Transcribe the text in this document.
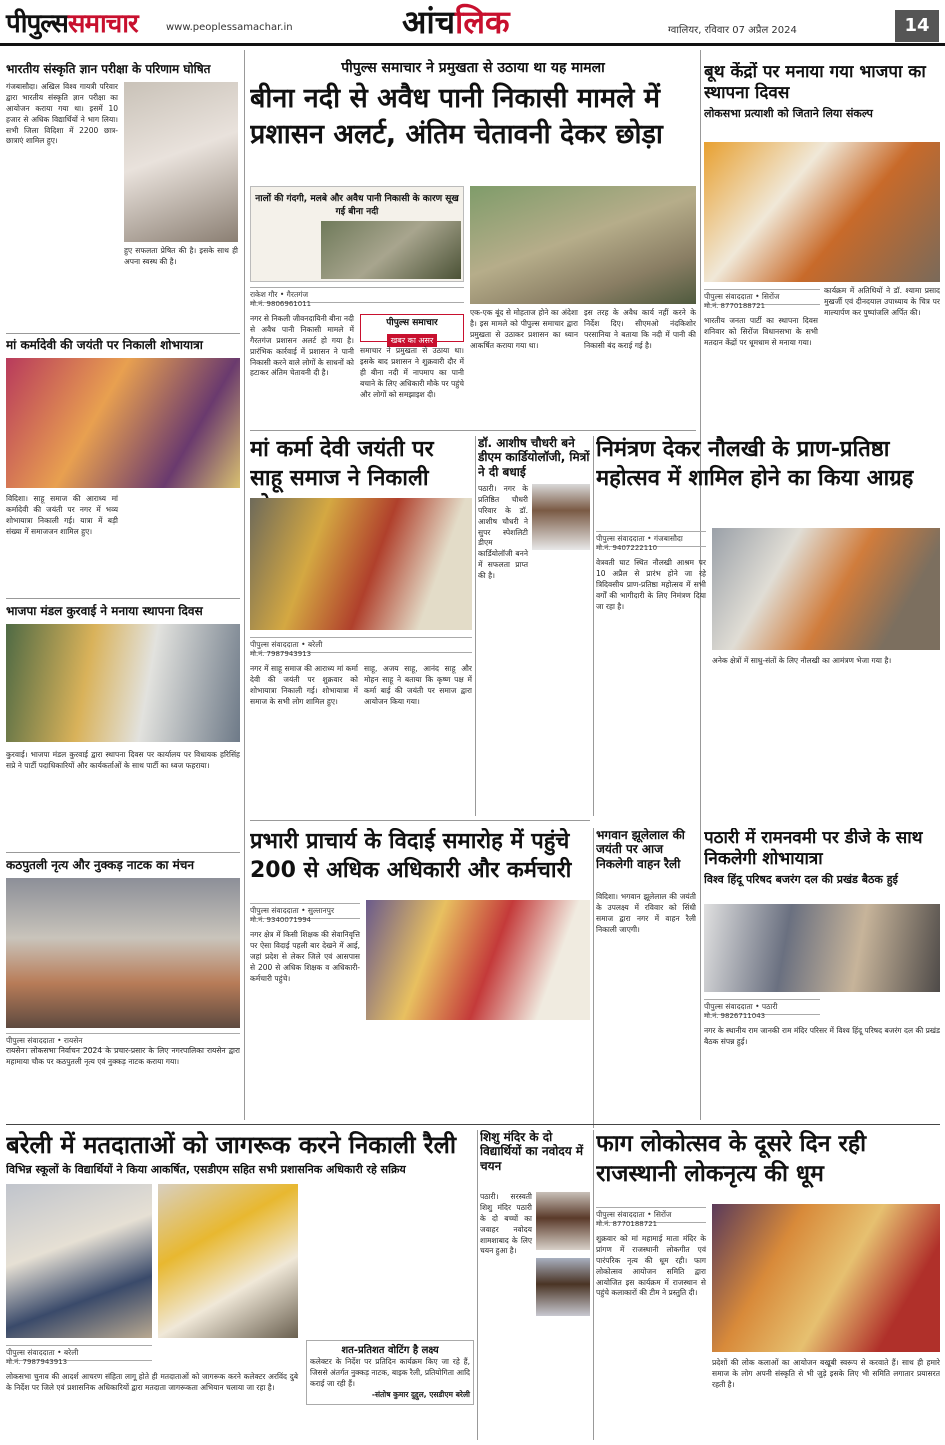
पीपुल्ससमाचार	www.peoplessamachar.in	आंचलिक	ग्वालियर, रविवार 07 अप्रैल 2024	14
भारतीय संस्कृति ज्ञान परीक्षा के परिणाम घोषित
गंजबासौदा। अखिल विश्व गायत्री परिवार द्वारा भारतीय संस्कृति ज्ञान परीक्षा का आयोजन कराया गया था। इसमें 10 हजार से अधिक विद्यार्थियों ने भाग लिया। सभी जिला विदिशा में 2200 छात्र-छात्राएं शामिल हुए।
हुए सफलता प्रेषित की है। इसके साथ ही अपना स्वस्थ की है।
मां कर्मादेवी की जयंती पर निकाली शोभायात्रा
विदिशा। साहू समाज की आराध्य मां कर्मादेवी की जयंती पर नगर में भव्य शोभायात्रा निकाली गई। यात्रा में बड़ी संख्या में समाजजन शामिल हुए।
भाजपा मंडल कुरवाई ने मनाया स्थापना दिवस
कुरवाई। भाजपा मंडल कुरवाई द्वारा स्थापना दिवस पर कार्यालय पर विधायक हरिसिंह सप्रे ने पार्टी पदाधिकारियों और कार्यकर्ताओं के साथ पार्टी का ध्वज फहराया।
कठपुतली नृत्य और नुक्कड़ नाटक का मंचन
पीपुल्स संवाददाता • रायसेन
रायसेन। लोकसभा निर्वाचन 2024 के प्रचार-प्रसार के लिए नगरपालिका रायसेन द्वारा महामाया चौक पर कठपुतली नृत्य एवं नुक्कड़ नाटक कराया गया।
पीपुल्स समाचार ने प्रमुखता से उठाया था यह मामला
बीना नदी से अवैध पानी निकासी मामले में प्रशासन अलर्ट, अंतिम चेतावनी देकर छोड़ा
नालों की गंदगी, मलबे और अवैध पानी निकासी के कारण सूख गई बीना नदी
राकेश गौर • गैरतगंज
मो.नं. 9806961011
नगर से निकली जीवनदायिनी बीना नदी से अवैध पानी निकासी मामले में गैरतगंज प्रशासन अलर्ट हो गया है। प्रारंभिक कार्रवाई में प्रशासन ने पानी निकासी करने वाले लोगों के साधनों को हटाकर अंतिम चेतावनी दी है।
पीपुल्स समाचार
खबर का असर
समाचार ने प्रमुखता से उठाया था। इसके बाद प्रशासन ने शुक्रवारी दौर में ही बीना नदी में नापमाप का पानी बचाने के लिए अधिकारी मौके पर पहुंचे और लोगों को समझाइश दी।
एक-एक बूंद से मोहताज होने का अंदेशा है। इस मामले को पीपुल्स समाचार द्वारा प्रमुखता से उठाकर प्रशासन का ध्यान आकर्षित कराया गया था।
इस तरह के अवैध कार्य नहीं करने के निर्देश दिए। सीएमओ नंदकिशोर परसानिया ने बताया कि नदी में पानी की निकासी बंद कराई गई है।
मां कर्मा देवी जयंती पर साहू समाज ने निकाली
पीपुल्स संवाददाता • बरेली
मो.नं. 7987943913
नगर में साहू समाज की आराध्य मां कर्मा देवी की जयंती पर शुक्रवार को शोभायात्रा निकाली गई। शोभायात्रा में समाज के सभी लोग शामिल हुए।
साहू, अजय साहू, आनंद साहू और मोहन साहू ने बताया कि कृष्ण पक्ष में कर्मा बाई की जयंती पर समाज द्वारा आयोजन किया गया।
डॉ. आशीष चौधरी बने डीएम कार्डियोलॉजी, मित्रों ने दी बधाई
पठारी। नगर के प्रतिष्ठित चौधरी परिवार के डॉ. आशीष चौधरी ने सुपर स्पेशलिटी डीएम कार्डियोलॉजी बनने में सफलता प्राप्त की है।
निमंत्रण देकर नौलखी के प्राण-प्रतिष्ठा महोत्सव में शामिल होने का किया आग्रह
पीपुल्स संवाददाता • गंजबासौदा
मो.नं. 9407222110
वेत्रवती घाट स्थित नौलखी आश्रम पर 10 अप्रैल से प्रारंभ होने जा रहे त्रिदिवसीय प्राण-प्रतिष्ठा महोत्सव में सभी वर्गों की भागीदारी के लिए निमंत्रण दिया जा रहा है।
अनेक क्षेत्रों में साधु-संतों के लिए नौलखी का आमंत्रण भेजा गया है।
प्रभारी प्राचार्य के विदाई समारोह में पहुंचे 200 से अधिक अधिकारी और कर्मचारी
पीपुल्स संवाददाता • सुल्तानपुर
मो.नं. 9340071994
नगर क्षेत्र में किसी शिक्षक की सेवानिवृत्ति पर ऐसा विदाई पहली बार देखने में आई, जहां प्रदेश से लेकर जिले एवं आसपास से 200 से अधिक शिक्षक व अधिकारी-कर्मचारी पहुंचे।
भगवान झूलेलाल की जयंती पर आज निकलेगी वाहन रैली
विदिशा। भगवान झूलेलाल की जयंती के उपलक्ष्य में रविवार को सिंधी समाज द्वारा नगर में वाहन रैली निकाली जाएगी।
पठारी में रामनवमी पर डीजे के साथ निकलेगी शोभायात्रा
विश्व हिंदू परिषद बजरंग दल की प्रखंड बैठक हुई
पीपुल्स संवाददाता • पठारी
मो.नं. 9826711043
नगर के स्थानीय राम जानकी राम मंदिर परिसर में विश्व हिंदू परिषद बजरंग दल की प्रखंड बैठक संपन्न हुई।
बूथ केंद्रों पर मनाया गया भाजपा का स्थापना दिवस
लोकसभा प्रत्याशी को जिताने लिया संकल्प
पीपुल्स संवाददाता • सिरोंज
मो.नं. 8770188721
भारतीय जनता पार्टी का स्थापना दिवस शनिवार को सिरोंज विधानसभा के सभी मतदान केंद्रों पर धूमधाम से मनाया गया।
कार्यक्रम में अतिथियों ने डॉ. श्यामा प्रसाद मुखर्जी एवं दीनदयाल उपाध्याय के चित्र पर माल्यार्पण कर पुष्पांजलि अर्पित की।
बरेली में मतदाताओं को जागरूक करने निकाली रैली
विभिन्न स्कूलों के विद्यार्थियों ने किया आकर्षित, एसडीएम सहित सभी प्रशासनिक अधिकारी रहे सक्रिय
पीपुल्स संवाददाता • बरेली
मो.नं. 7987943913
लोकसभा चुनाव की आदर्श आचरण संहिता लागू होते ही मतदाताओं को जागरूक करने कलेक्टर अरविंद दुबे के निर्देश पर जिले एवं प्रशासनिक अधिकारियों द्वारा मतदाता जागरूकता अभियान चलाया जा रहा है।
शत-प्रतिशत वोटिंग है लक्ष्य
कलेक्टर के निर्देश पर प्रतिदिन कार्यक्रम किए जा रहे हैं, जिससे अंतर्गत नुक्कड़ नाटक, बाइक रैली, प्रतियोगिता आदि कराई जा रही हैं।
-संतोष कुमार दुद्दुल, एसडीएम बरेली
शिशु मंदिर के दो विद्यार्थियों का नवोदय में चयन
पठारी। सरस्वती शिशु मंदिर पठारी के दो बच्चों का जवाहर नवोदय शामशाबाद के लिए चयन हुआ है।
फाग लोकोत्सव के दूसरे दिन रही राजस्थानी लोकनृत्य की धूम
पीपुल्स संवाददाता • सिरोंज
मो.नं. 8770188721
शुक्रवार को मां महामाई माता मंदिर के प्रांगण में राजस्थानी लोकगीत एवं पारंपरिक नृत्य की धूम रही। फाग लोकोत्सव आयोजन समिति द्वारा आयोजित इस कार्यक्रम में राजस्थान से पहुंचे कलाकारों की टीम ने प्रस्तुति दी।
प्रदेशों की लोक कलाओं का आयोजन बखूबी स्वरूप से करवाते हैं। साथ ही हमारे समाज के लोग अपनी संस्कृति से भी जुड़े इसके लिए भी समिति लगातार प्रयासरत रहती है।
